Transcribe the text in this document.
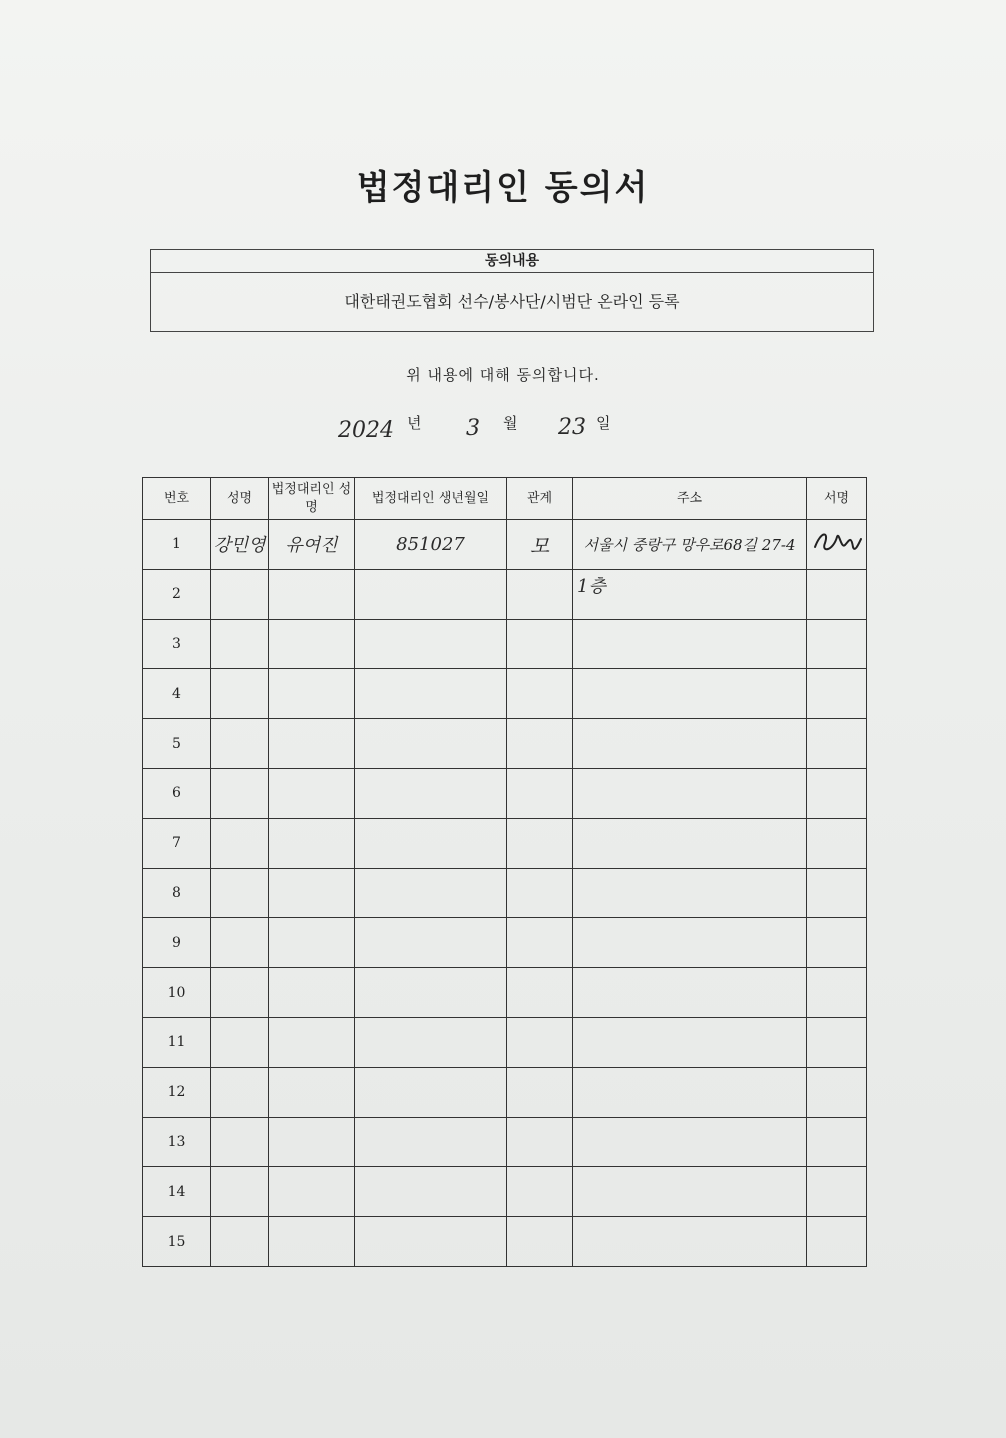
법정대리인 동의서
동의내용
대한태권도협회 선수/봉사단/시범단 온라인 등록
위 내용에 대해 동의합니다.
2024 년 3 월 23 일
번호	성명	법정대리인 성명	법정대리인 생년월일	관계	주소	서명
1	강민영	유여진	851027	모	서울시 중랑구 망우로68길 27-4	
2					1층	

3						
4						
5						
6						
7						
8						
9						
10						
11						
12						
13						
14						
15						
